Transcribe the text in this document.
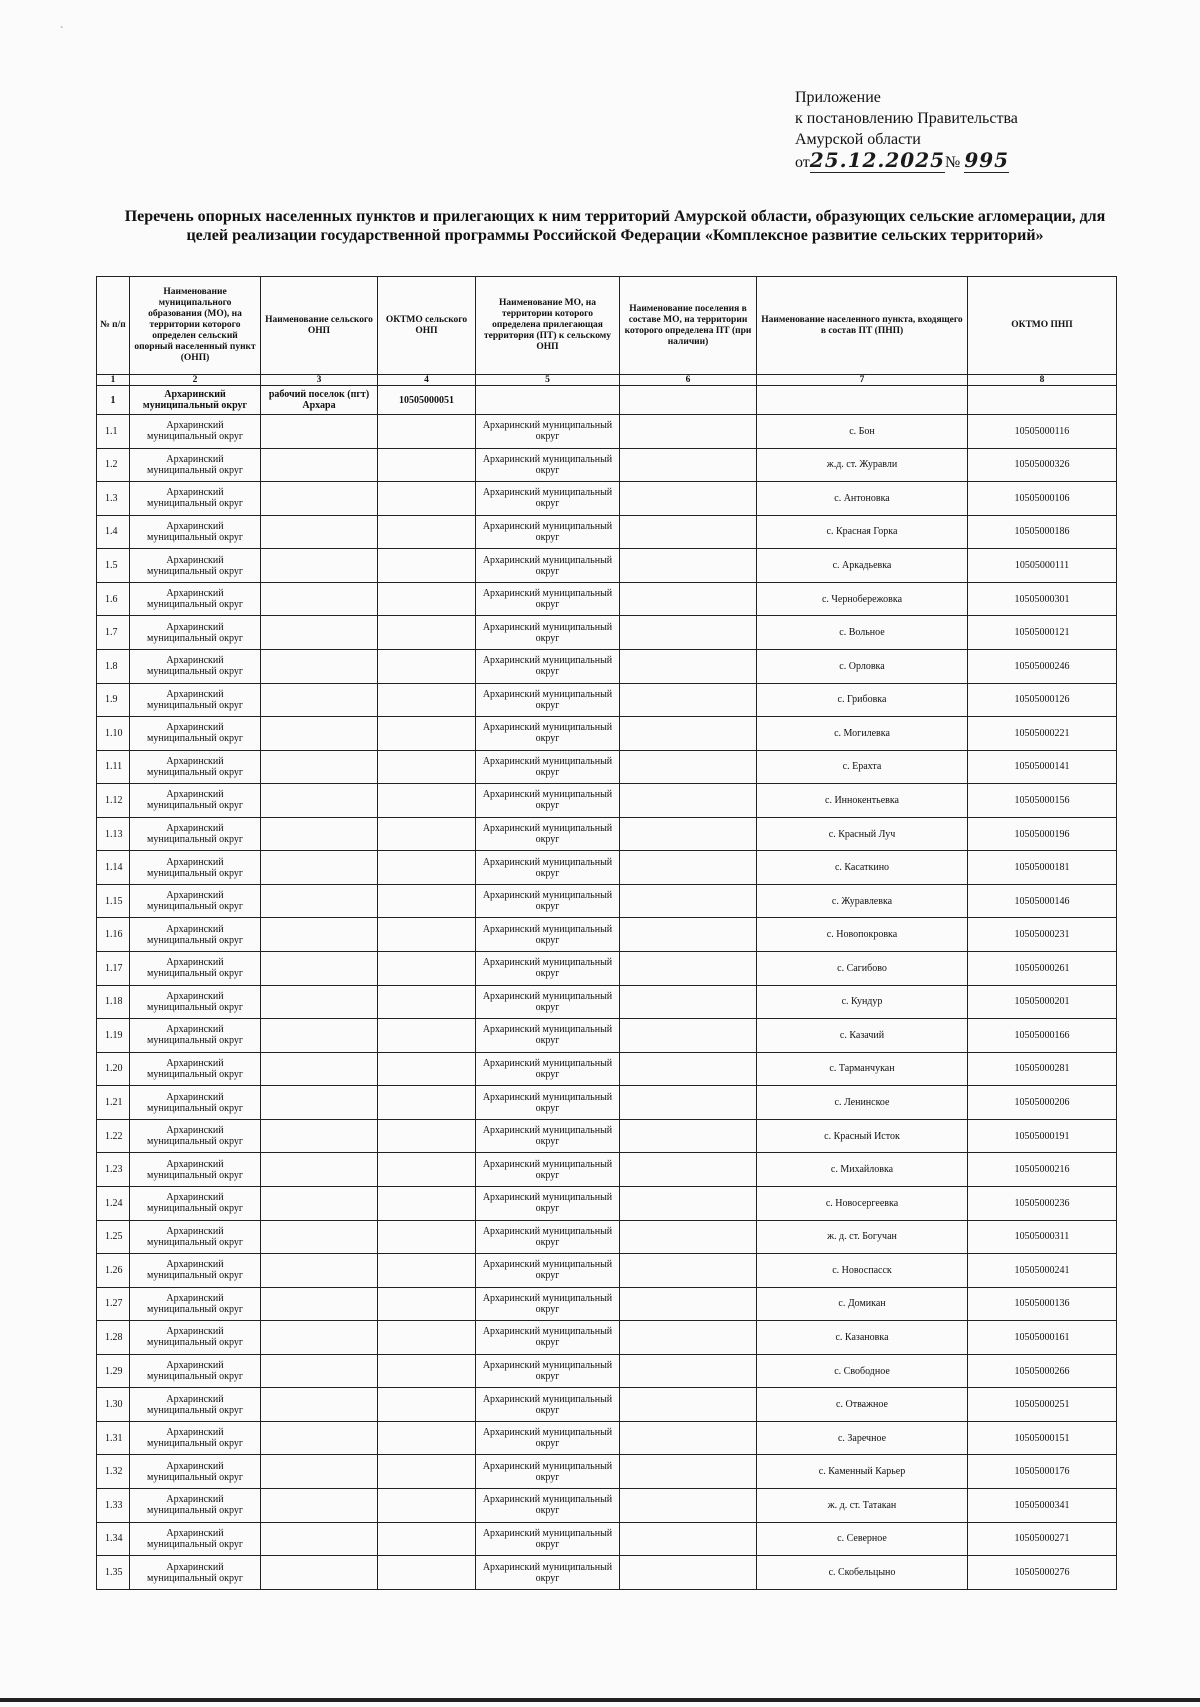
`
Приложение
к постановлению Правительства
Амурской области
от25.12.2025№ 995
Перечень опорных населенных пунктов и прилегающих к ним территорий Амурской области, образующих сельские агломерации, для целей реализации государственной программы Российской Федерации «Комплексное развитие сельских территорий»
№ п/п	Наименование муниципального образования (МО), на территории которого определен сельский опорный населенный пункт (ОНП)	Наименование сельского ОНП	ОКТМО сельского ОНП	Наименование МО, на территории которого определена прилегающая территория (ПТ) к сельскому ОНП	Наименование поселения в составе МО, на территории которого определена ПТ (при наличии)	Наименование населенного пункта, входящего в состав ПТ (ПНП)	ОКТМО ПНП
1	2	3	4	5	6	7	8
1	Архаринский муниципальный округ	рабочий поселок (пгт) Архара	10505000051				
1.1	Архаринский муниципальный округ			Архаринский муниципальный округ		с. Бон	10505000116
1.2	Архаринский муниципальный округ			Архаринский муниципальный округ		ж.д. ст. Журавли	10505000326
1.3	Архаринский муниципальный округ			Архаринский муниципальный округ		с. Антоновка	10505000106
1.4	Архаринский муниципальный округ			Архаринский муниципальный округ		с. Красная Горка	10505000186
1.5	Архаринский муниципальный округ			Архаринский муниципальный округ		с. Аркадьевка	10505000111
1.6	Архаринский муниципальный округ			Архаринский муниципальный округ		с. Чернобережовка	10505000301
1.7	Архаринский муниципальный округ			Архаринский муниципальный округ		с. Вольное	10505000121
1.8	Архаринский муниципальный округ			Архаринский муниципальный округ		с. Орловка	10505000246
1.9	Архаринский муниципальный округ			Архаринский муниципальный округ		с. Грибовка	10505000126
1.10	Архаринский муниципальный округ			Архаринский муниципальный округ		с. Могилевка	10505000221
1.11	Архаринский муниципальный округ			Архаринский муниципальный округ		с. Ерахта	10505000141
1.12	Архаринский муниципальный округ			Архаринский муниципальный округ		с. Иннокентьевка	10505000156
1.13	Архаринский муниципальный округ			Архаринский муниципальный округ		с. Красный Луч	10505000196
1.14	Архаринский муниципальный округ			Архаринский муниципальный округ		с. Касаткино	10505000181
1.15	Архаринский муниципальный округ			Архаринский муниципальный округ		с. Журавлевка	10505000146
1.16	Архаринский муниципальный округ			Архаринский муниципальный округ		с. Новопокровка	10505000231
1.17	Архаринский муниципальный округ			Архаринский муниципальный округ		с. Сагибово	10505000261
1.18	Архаринский муниципальный округ			Архаринский муниципальный округ		с. Кундур	10505000201
1.19	Архаринский муниципальный округ			Архаринский муниципальный округ		с. Казачий	10505000166
1.20	Архаринский муниципальный округ			Архаринский муниципальный округ		с. Тарманчукан	10505000281
1.21	Архаринский муниципальный округ			Архаринский муниципальный округ		с. Ленинское	10505000206
1.22	Архаринский муниципальный округ			Архаринский муниципальный округ		с. Красный Исток	10505000191
1.23	Архаринский муниципальный округ			Архаринский муниципальный округ		с. Михайловка	10505000216
1.24	Архаринский муниципальный округ			Архаринский муниципальный округ		с. Новосергеевка	10505000236
1.25	Архаринский муниципальный округ			Архаринский муниципальный округ		ж. д. ст. Богучан	10505000311
1.26	Архаринский муниципальный округ			Архаринский муниципальный округ		с. Новоспасск	10505000241
1.27	Архаринский муниципальный округ			Архаринский муниципальный округ		с. Домикан	10505000136
1.28	Архаринский муниципальный округ			Архаринский муниципальный округ		с. Казановка	10505000161
1.29	Архаринский муниципальный округ			Архаринский муниципальный округ		с. Свободное	10505000266
1.30	Архаринский муниципальный округ			Архаринский муниципальный округ		с. Отважное	10505000251
1.31	Архаринский муниципальный округ			Архаринский муниципальный округ		с. Заречное	10505000151
1.32	Архаринский муниципальный округ			Архаринский муниципальный округ		с. Каменный Карьер	10505000176
1.33	Архаринский муниципальный округ			Архаринский муниципальный округ		ж. д. ст. Татакан	10505000341
1.34	Архаринский муниципальный округ			Архаринский муниципальный округ		с. Северное	10505000271
1.35	Архаринский муниципальный округ			Архаринский муниципальный округ		с. Скобельцыно	10505000276
